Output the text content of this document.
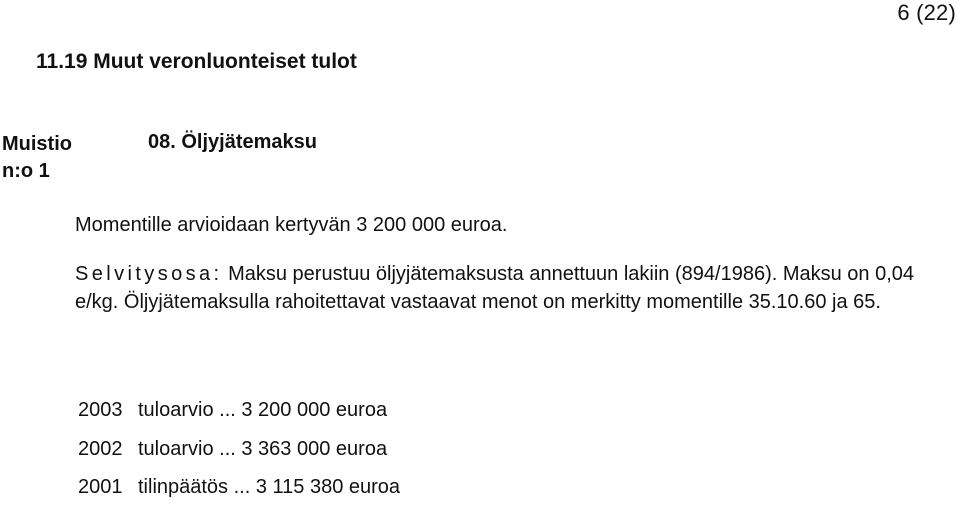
6 (22)
11.19 Muut veronluonteiset tulot
Muistio
n:o 1
08. Öljyjätemaksu
Momentille arvioidaan kertyvän 3 200 000 euroa.
Selvitysosa: Maksu perustuu öljyjätemaksusta annettuun lakiin (894/1986). Maksu on 0,04 e/kg. Öljyjätemaksulla rahoitettavat vastaavat menot on merkitty momentille 35.10.60 ja 65.
2003 tuloarvio ... 3 200 000 euroa
2002 tuloarvio ... 3 363 000 euroa
2001 tilinpäätös ... 3 115 380 euroa
